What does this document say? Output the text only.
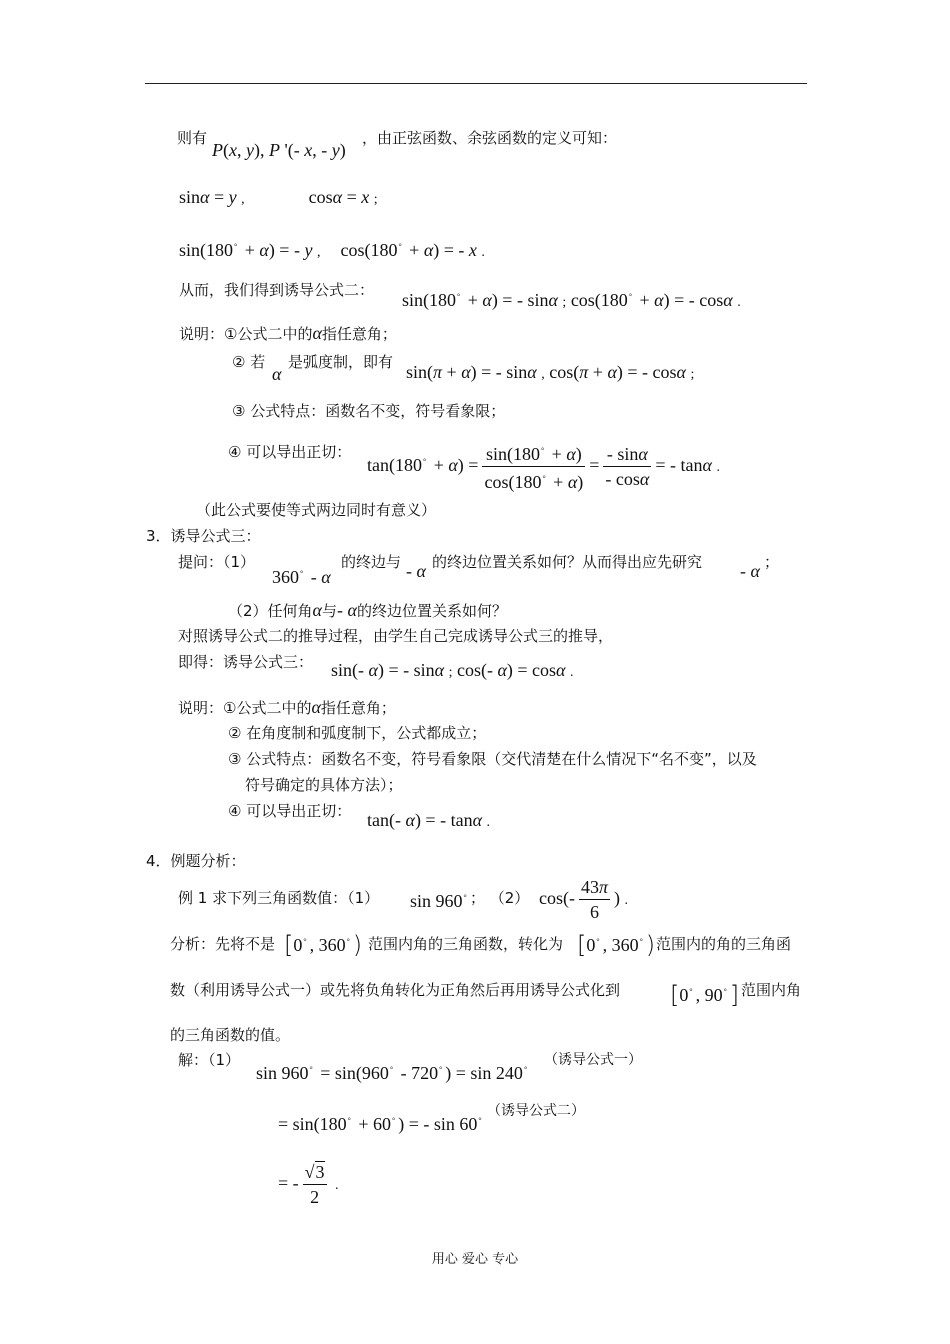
则有
P(x, y), P '(- x, - y)
，由正弦函数、余弦函数的定义可知：
sinα = y ,	cosα = x ;
sin(180° + α) = - y , cos(180° + α) = - x .
从而，我们得到诱导公式二： sin(180° + α) = - sinα ; cos(180° + α) = - cosα .
说明：①公式二中的α指任意角；
② 若
α
是弧度制，即有 sin(π + α) = - sinα , cos(π + α) = - cosα ;
③ 公式特点：函数名不变，符号看象限；
④ 可以导出正切：
$\tan(180^\circ + \alpha) = \frac{\sin(180^\circ + \alpha)}{\cos(180^\circ + \alpha)} = \frac{- \sin\alpha}{- \cos\alpha}$ = - tanα .
（此公式要使等式两边同时有意义）
3．诱导公式三：
提问：（1）
360° - α
的终边与 - α 的终边位置关系如何？从而得出应先研究 - α ；
（2）任何角α与- α的终边位置关系如何？
对照诱导公式二的推导过程，由学生自己完成诱导公式三的推导，
即得：诱导公式三： sin(- α) = - sinα ; cos(- α) = cosα .
说明：①公式二中的α指任意角；
② 在角度制和弧度制下，公式都成立；
③ 公式特点：函数名不变，符号看象限（交代清楚在什么情况下“名不变”，以及
符号确定的具体方法）；
④ 可以导出正切： tan(- α) = - tanα .
4．例题分析：
例 1 求下列三角函数值：（1） sin 960° ； （2） $\cos(- \frac{43\pi}{6}$ ) .
分析：先将不是 [0° , 360° ) 范围内角的三角函数，转化为 [0° , 360° ) 范围内的角的三角函
数（利用诱导公式一）或先将负角转化为正角然后再用诱导公式化到 [0° , 90° ] 范围内角
的三角函数的值。
解：（1）
sin 960° = sin(960° - 720° ) = sin 240°
（诱导公式一）
= sin(180° + 60° ) = - sin 60°
（诱导公式二）
= - $\frac{√3}{2}$ .
用心 爱心 专心
